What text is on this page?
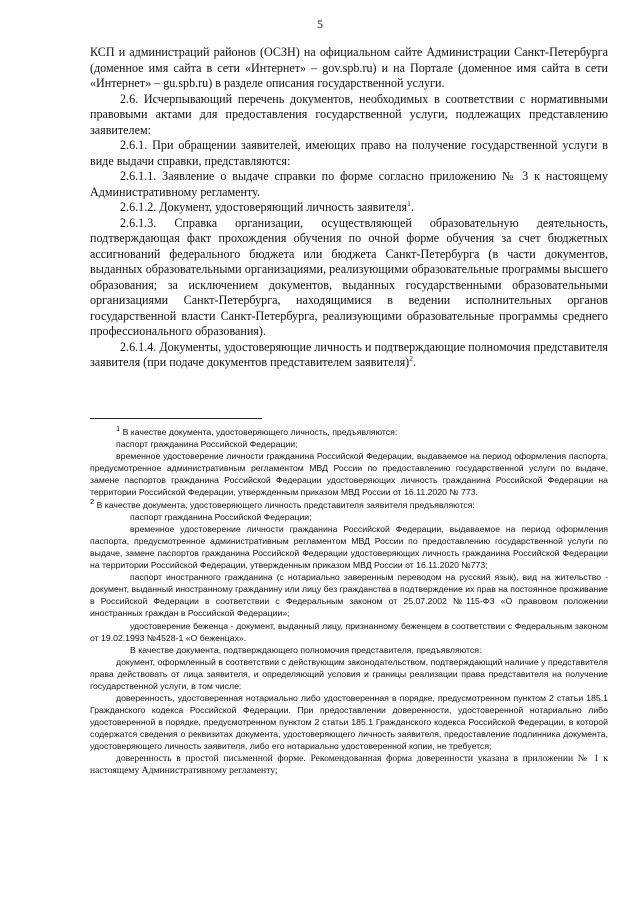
5

КСП и администраций районов (ОСЗН) на официальном сайте Администрации Санкт-Петербурга (доменное имя сайта в сети «Интернет» – gov.spb.ru) и на Портале (доменное имя сайта в сети «Интернет» – gu.spb.ru) в разделе описания государственной услуги.

2.6. Исчерпывающий перечень документов, необходимых в соответствии с нормативными правовыми актами для предоставления государственной услуги, подлежащих представлению заявителем:

2.6.1. При обращении заявителей, имеющих право на получение государственной услуги в виде выдачи справки, представляются:

2.6.1.1. Заявление о выдаче справки по форме согласно приложению № 3 к настоящему Административному регламенту.

2.6.1.2. Документ, удостоверяющий личность заявителя$^1$.

2.6.1.3. Справка организации, осуществляющей образовательную деятельность, подтверждающая факт прохождения обучения по очной форме обучения за счет бюджетных ассигнований федерального бюджета или бюджета Санкт-Петербурга (в части документов, выданных образовательными организациями, реализующими образовательные программы высшего образования; за исключением документов, выданных государственными образовательными организациями Санкт-Петербурга, находящимися в ведении исполнительных органов государственной власти Санкт-Петербурга, реализующими образовательные программы среднего профессионального образования).

2.6.1.4. Документы, удостоверяющие личность и подтверждающие полномочия представителя заявителя (при подаче документов представителем заявителя)$^2$.

$^1$ В качестве документа, удостоверяющего личность, предъявляются:

паспорт гражданина Российской Федерации;

временное удостоверение личности гражданина Российской Федерации, выдаваемое на период оформления паспорта, предусмотренное административным регламентом МВД России по предоставлению государственной услуги по выдаче, замене паспортов гражданина Российской Федерации удостоверяющих личность гражданина Российской Федерации на территории Российской Федерации, утвержденным приказом МВД России от 16.11.2020 № 773.

$^2$ В качестве документа, удостоверяющего личность представителя заявителя предъявляются:

паспорт гражданина Российской Федерации;

временное удостоверение личности гражданина Российской Федерации, выдаваемое на период оформления паспорта, предусмотренное административным регламентом МВД России по предоставлению государственной услуги по выдаче, замене паспортов гражданина Российской Федерации удостоверяющих личность гражданина Российской Федерации на территории Российской Федерации, утвержденным приказом МВД России от 16.11.2020 №773;

паспорт иностранного гражданина (с нотариально заверенным переводом на русский язык), вид на жительство - документ, выданный иностранному гражданину или лицу без гражданства в подтверждение их прав на постоянное проживание в Российской Федерации в соответствии с Федеральным законом от 25.07.2002 №115-ФЗ «О правовом положении иностранных граждан в Российской Федерации»;

удостоверение беженца - документ, выданный лицу, признанному беженцем в соответствии с Федеральным законом от 19.02.1993 №4528-1 «О беженцах».

В качестве документа, подтверждающего полномочия представителя, предъявляются:

документ, оформленный в соответствии с действующим законодательством, подтверждающий наличие у представителя права действовать от лица заявителя, и определяющий условия и границы реализации права представителя на получение государственной услуги, в том числе:

доверенность, удостоверенная нотариально либо удостоверенная в порядке, предусмотренном пунктом 2 статьи 185.1 Гражданского кодекса Российской Федерации. При предоставлении доверенности, удостоверенной нотариально либо удостоверенной в порядке, предусмотренном пунктом 2 статьи 185.1 Гражданского кодекса Российской Федерации, в которой содержатся сведения о реквизитах документа, удостоверяющего личность заявителя, предоставление подлинника документа, удостоверяющего личность заявителя, либо его нотариально удостоверенной копии, не требуется;

доверенность в простой письменной форме. Рекомендованная форма доверенности указана в приложении № 1 к настоящему Административному регламенту;
